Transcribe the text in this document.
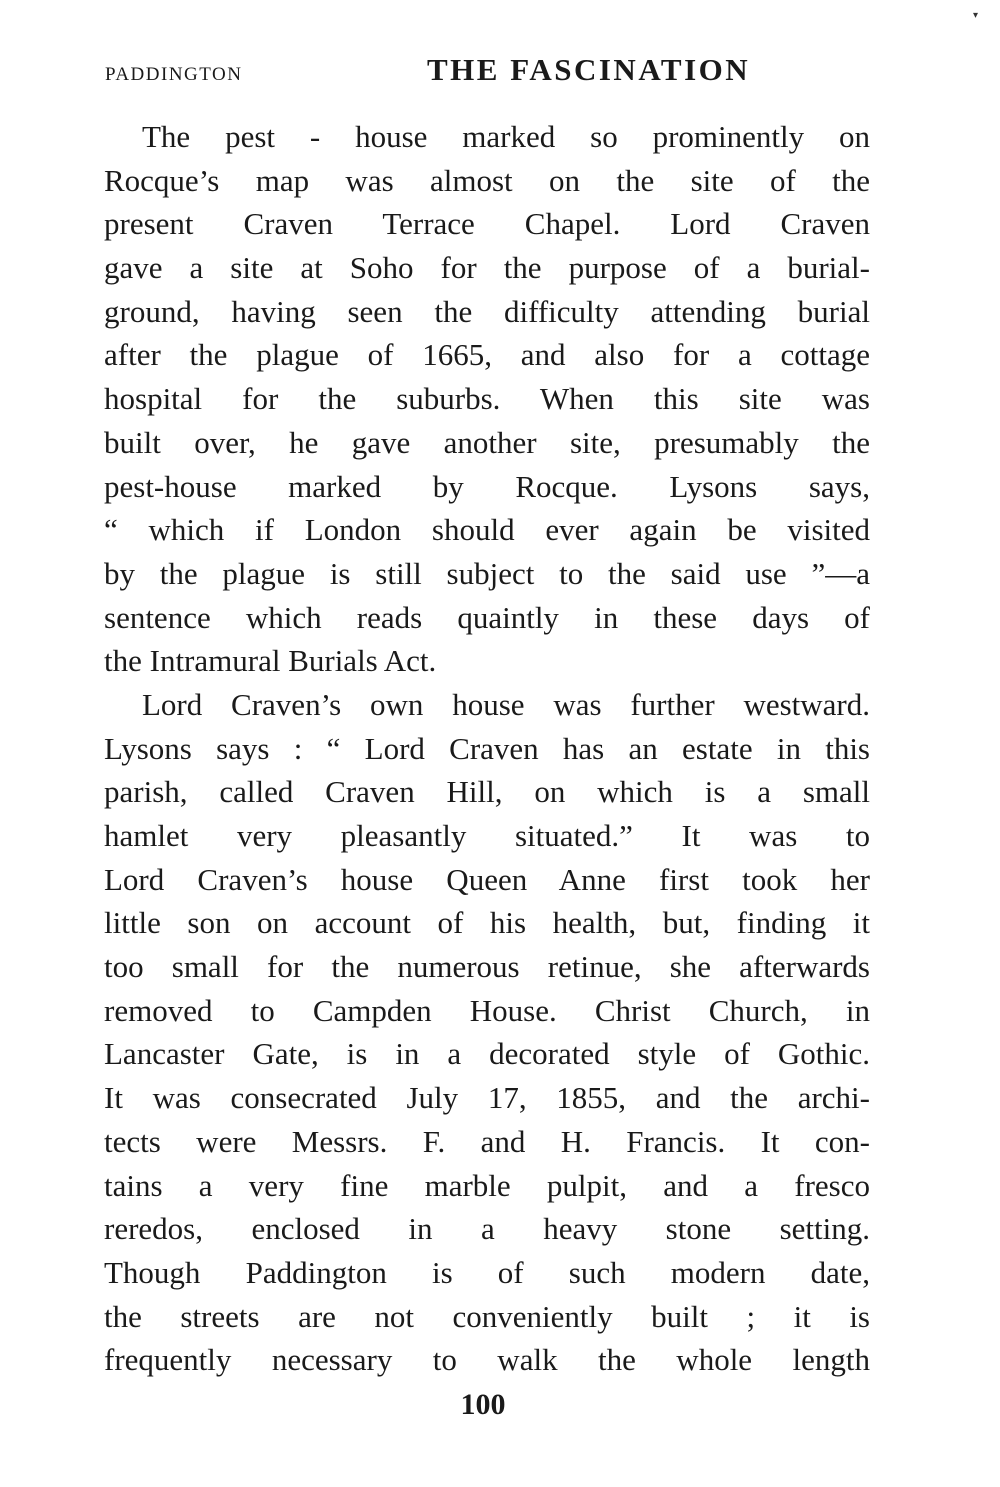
▾
PADDINGTON	THE FASCINATION
The pest - house marked so prominently on
Rocque’s map was almost on the site of the
present Craven Terrace Chapel. Lord Craven
gave a site at Soho for the purpose of a burial-
ground, having seen the difficulty attending burial
after the plague of 1665, and also for a cottage
hospital for the suburbs. When this site was
built over, he gave another site, presumably the
pest-house marked by Rocque. Lysons says,
“ which if London should ever again be visited
by the plague is still subject to the said use ”—a
sentence which reads quaintly in these days of
the Intramural Burials Act.
Lord Craven’s own house was further westward.
Lysons says : “ Lord Craven has an estate in this
parish, called Craven Hill, on which is a small
hamlet very pleasantly situated.” It was to
Lord Craven’s house Queen Anne first took her
little son on account of his health, but, finding it
too small for the numerous retinue, she afterwards
removed to Campden House. Christ Church, in
Lancaster Gate, is in a decorated style of Gothic.
It was consecrated July 17, 1855, and the archi-
tects were Messrs. F. and H. Francis. It con-
tains a very fine marble pulpit, and a fresco
reredos, enclosed in a heavy stone setting.
Though Paddington is of such modern date,
the streets are not conveniently built ; it is
frequently necessary to walk the whole length
100
